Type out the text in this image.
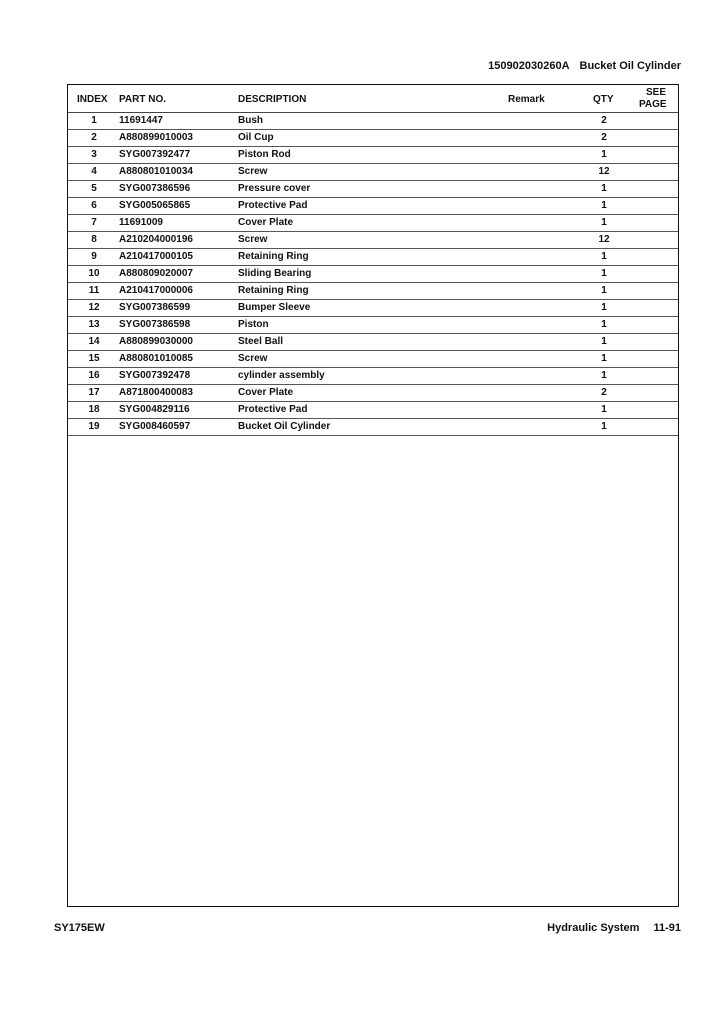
150902030260A Bucket Oil Cylinder
INDEX PART NO.	DESCRIPTION	Remark	QTY
SEE
PAGE
1	11691447	Bush	2
2	A880899010003	Oil Cup	2
3	SYG007392477	Piston Rod	1
4	A880801010034	Screw	12
5	SYG007386596	Pressure cover	1
6	SYG005065865	Protective Pad	1
7	11691009	Cover Plate	1
8	A210204000196	Screw	12
9	A210417000105	Retaining Ring	1
10	A880809020007	Sliding Bearing	1
11	A210417000006	Retaining Ring	1
12	SYG007386599	Bumper Sleeve	1
13	SYG007386598	Piston	1
14	A880899030000	Steel Ball	1
15	A880801010085	Screw	1
16	SYG007392478	cylinder assembly	1
17	A871800400083	Cover Plate	2
18	SYG004829116	Protective Pad	1
19	SYG008460597	Bucket Oil Cylinder	1
SY175EW	Hydraulic System 11-91
